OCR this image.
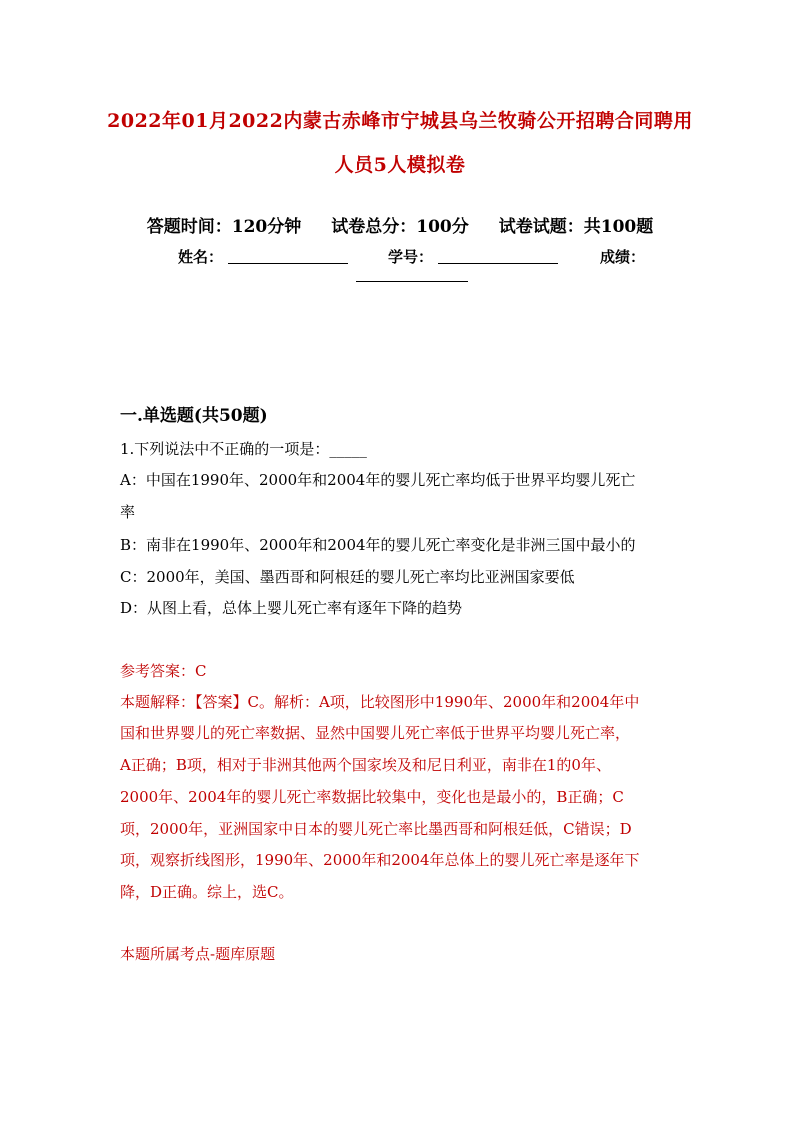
2022年01月2022内蒙古赤峰市宁城县乌兰牧骑公开招聘合同聘用
人员5人模拟卷
答题时间：120分钟 试卷总分：100分 试卷试题：共100题
姓名：	学号：	成绩：
一.单选题(共50题)
1.下列说法中不正确的一项是：_____
A：中国在1990年、2000年和2004年的婴儿死亡率均低于世界平均婴儿死亡
率
B：南非在1990年、2000年和2004年的婴儿死亡率变化是非洲三国中最小的
C：2000年，美国、墨西哥和阿根廷的婴儿死亡率均比亚洲国家要低
D：从图上看，总体上婴儿死亡率有逐年下降的趋势
参考答案：C
本题解释：【答案】C。解析：A项，比较图形中1990年、2000年和2004年中
国和世界婴儿的死亡率数据、显然中国婴儿死亡率低于世界平均婴儿死亡率，
A正确；B项，相对于非洲其他两个国家埃及和尼日利亚，南非在1的0年、
2000年、2004年的婴儿死亡率数据比较集中，变化也是最小的，B正确；C
项，2000年，亚洲国家中日本的婴儿死亡率比墨西哥和阿根廷低，C错误；D
项，观察折线图形，1990年、2000年和2004年总体上的婴儿死亡率是逐年下
降，D正确。综上，选C。
本题所属考点-题库原题
